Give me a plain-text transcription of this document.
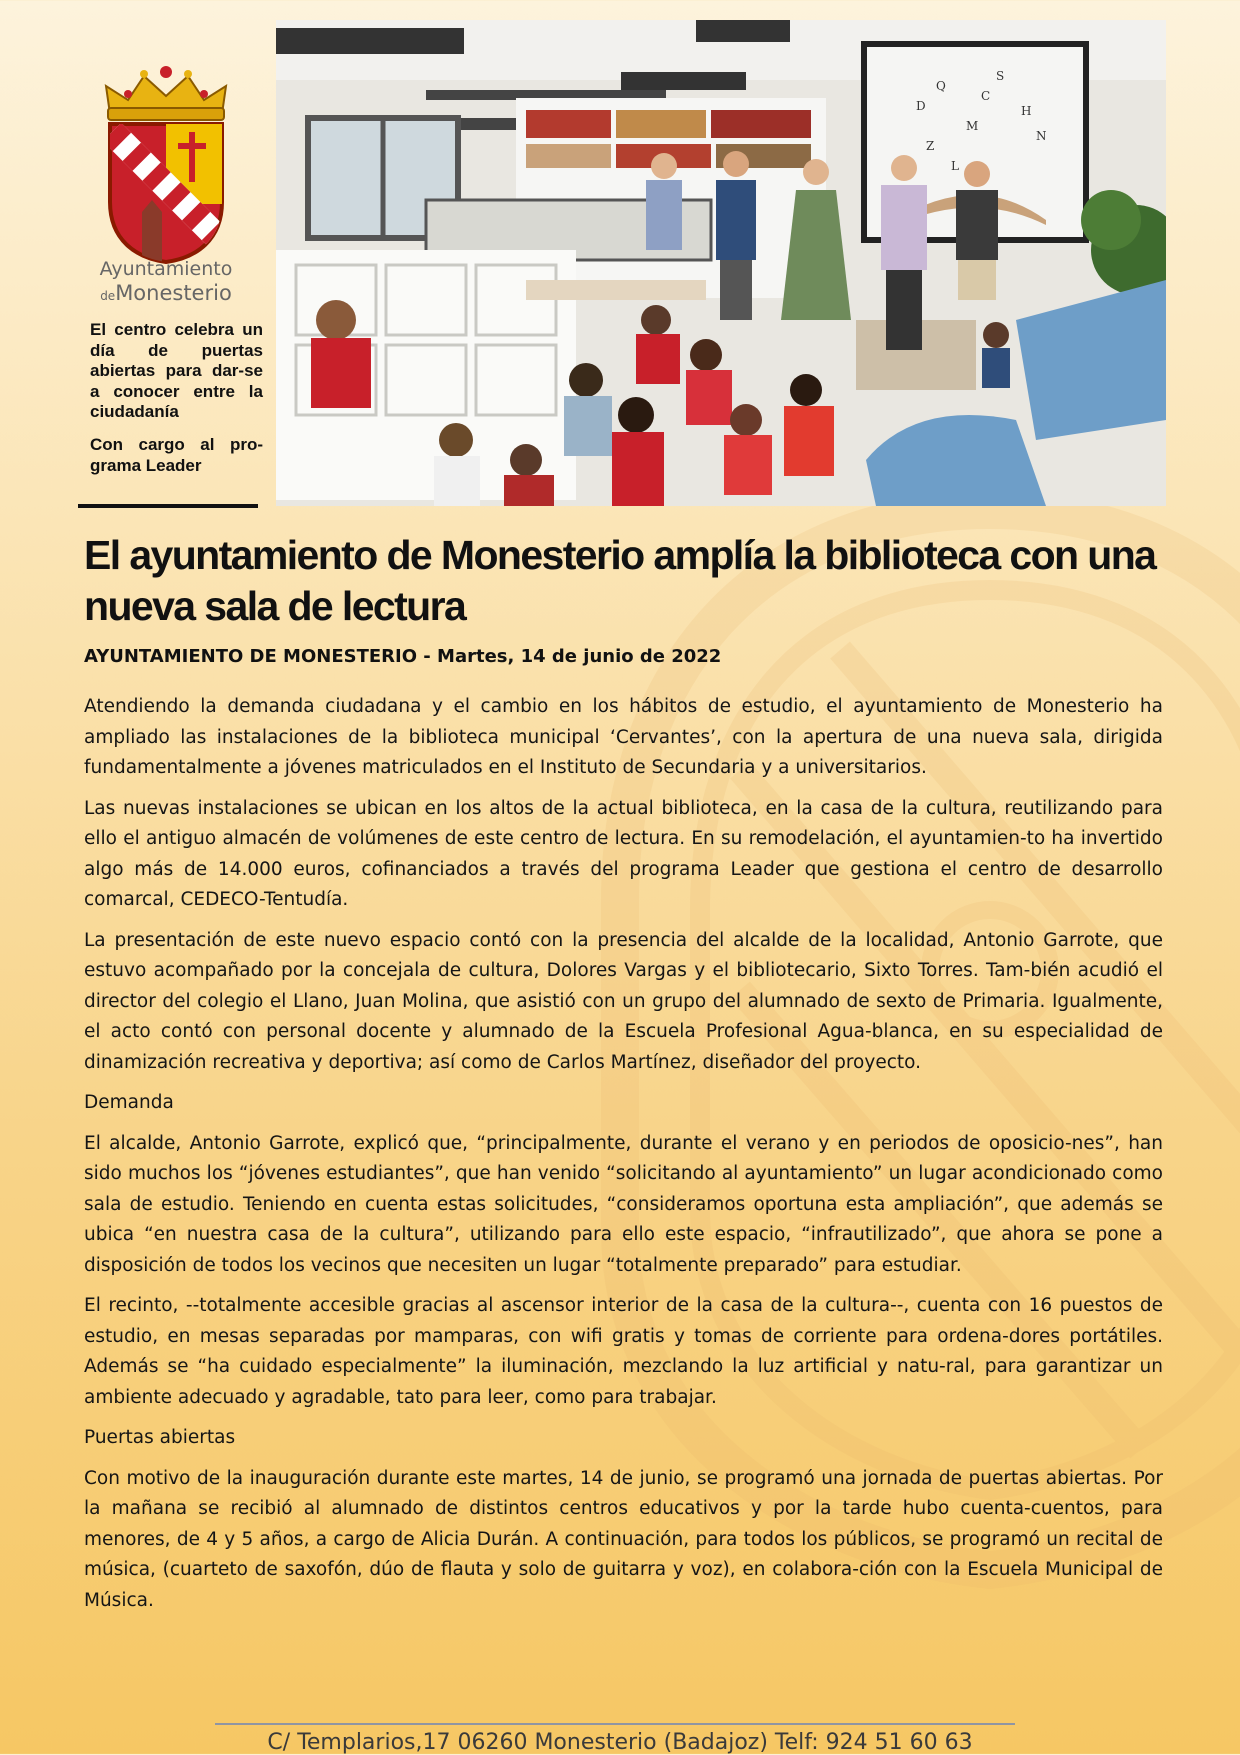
Ayuntamiento
deMonesterio

El centro celebra un día de puertas abiertas para dar-se a conocer entre la ciudadanía

Con cargo al pro-grama Leader

D
Q
M
S
H
Z
C
N
L
El ayuntamiento de Monesterio amplía la biblioteca con una nueva sala de lectura

AYUNTAMIENTO DE MONESTERIO - Martes, 14 de junio de 2022

Atendiendo la demanda ciudadana y el cambio en los hábitos de estudio, el ayuntamiento de Monesterio ha ampliado las instalaciones de la biblioteca municipal ‘Cervantes’, con la apertura de una nueva sala, dirigida fundamentalmente a jóvenes matriculados en el Instituto de Secundaria y a universitarios.

Las nuevas instalaciones se ubican en los altos de la actual biblioteca, en la casa de la cultura, reutilizando para ello el antiguo almacén de volúmenes de este centro de lectura. En su remodelación, el ayuntamien-to ha invertido algo más de 14.000 euros, cofinanciados a través del programa Leader que gestiona el centro de desarrollo comarcal, CEDECO-Tentudía.

La presentación de este nuevo espacio contó con la presencia del alcalde de la localidad, Antonio Garrote, que estuvo acompañado por la concejala de cultura, Dolores Vargas y el bibliotecario, Sixto Torres. Tam-bién acudió el director del colegio el Llano, Juan Molina, que asistió con un grupo del alumnado de sexto de Primaria. Igualmente, el acto contó con personal docente y alumnado de la Escuela Profesional Agua-blanca, en su especialidad de dinamización recreativa y deportiva; así como de Carlos Martínez, diseñador del proyecto.

Demanda

El alcalde, Antonio Garrote, explicó que, “principalmente, durante el verano y en periodos de oposicio-nes”, han sido muchos los “jóvenes estudiantes”, que han venido “solicitando al ayuntamiento” un lugar acondicionado como sala de estudio. Teniendo en cuenta estas solicitudes, “consideramos oportuna esta ampliación”, que además se ubica “en nuestra casa de la cultura”, utilizando para ello este espacio, “infrautilizado”, que ahora se pone a disposición de todos los vecinos que necesiten un lugar “totalmente preparado” para estudiar.

El recinto, --totalmente accesible gracias al ascensor interior de la casa de la cultura--, cuenta con 16 puestos de estudio, en mesas separadas por mamparas, con wifi gratis y tomas de corriente para ordena-dores portátiles. Además se “ha cuidado especialmente” la iluminación, mezclando la luz artificial y natu-ral, para garantizar un ambiente adecuado y agradable, tato para leer, como para trabajar.

Puertas abiertas

Con motivo de la inauguración durante este martes, 14 de junio, se programó una jornada de puertas abiertas. Por la mañana se recibió al alumnado de distintos centros educativos y por la tarde hubo cuenta-cuentos, para menores, de 4 y 5 años, a cargo de Alicia Durán. A continuación, para todos los públicos, se programó un recital de música, (cuarteto de saxofón, dúo de flauta y solo de guitarra y voz), en colabora-ción con la Escuela Municipal de Música.

C/ Templarios,17 06260 Monesterio (Badajoz) Telf: 924 51 60 63
